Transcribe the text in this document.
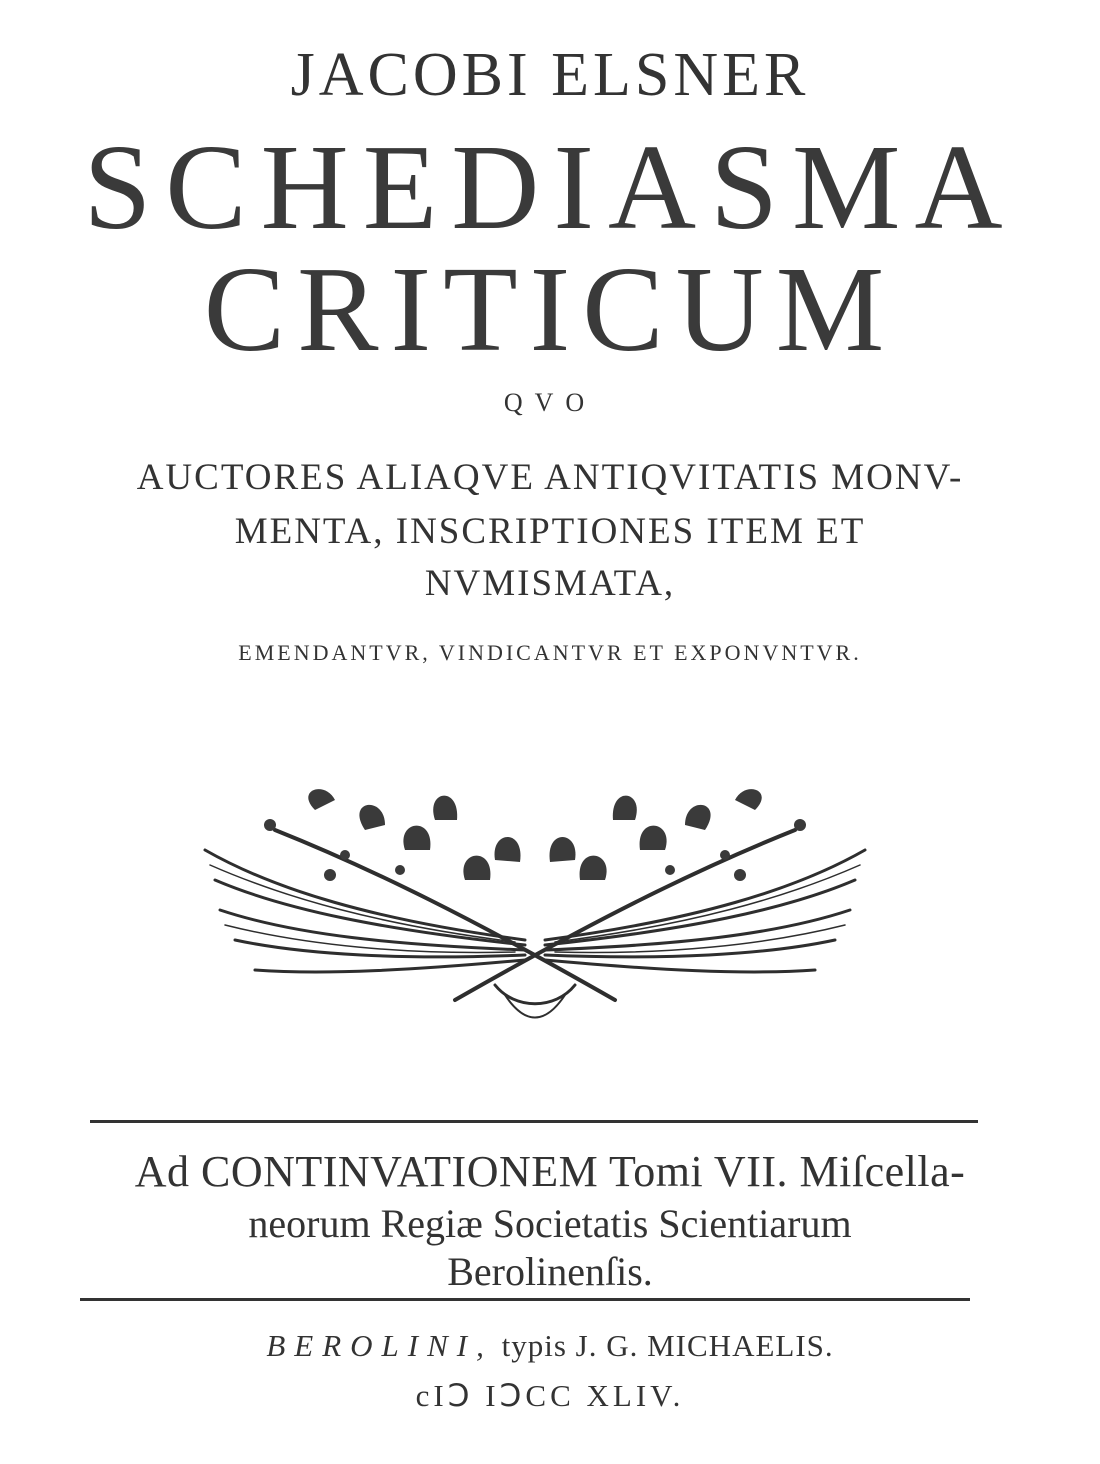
JACOBI ELSNER
SCHEDIASMA
CRITICUM
QVO
AUCTORES ALIAQVE ANTIQVITATIS MONV-
MENTA, INSCRIPTIONES ITEM ET
NVMISMATA,
EMENDANTVR, VINDICANTVR ET EXPONVNTVR.
Ad CONTINVATIONEM Tomi VII. Miſcella-
neorum Regiæ Societatis Scientiarum
Berolinenſis.
BEROLINI, typis J. G. MICHAELIS.
cIↃ IↃCC XLIV.
